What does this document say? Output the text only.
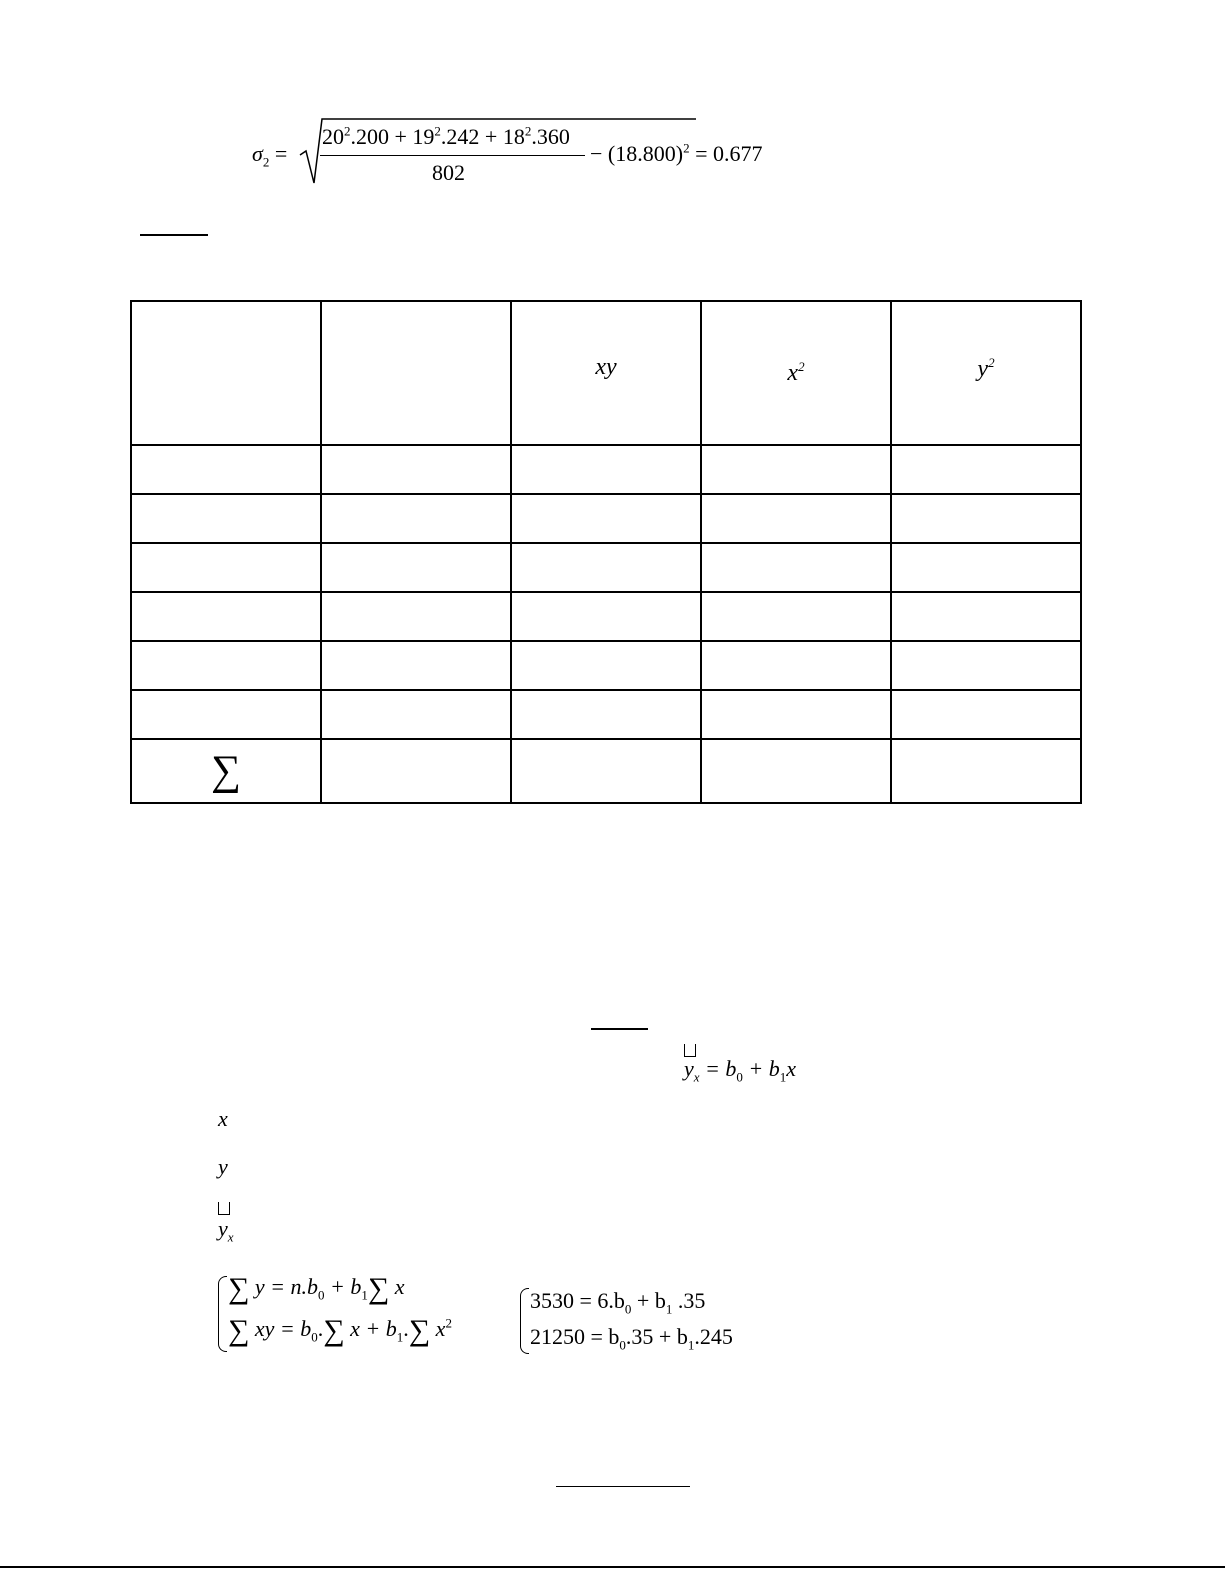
$\sigma_2$ =
$20^2.200 + 19^2.242 + 18^2.360$
802
− $(18.800)^2 = 0.677$
		xy	$x^2$	$y^2$

∑				
$y_x = b_0 + b_1x$
x
y
$y_x$
∑ $y = n.b_0 + b_1\sum$ x
∑ xy = $b_0.\sum$ $x + b_1.\sum$ $x^2$
$3530 = 6.b_0 + b_1$ .35
$21250 = b_0.35 + b_1.245$
